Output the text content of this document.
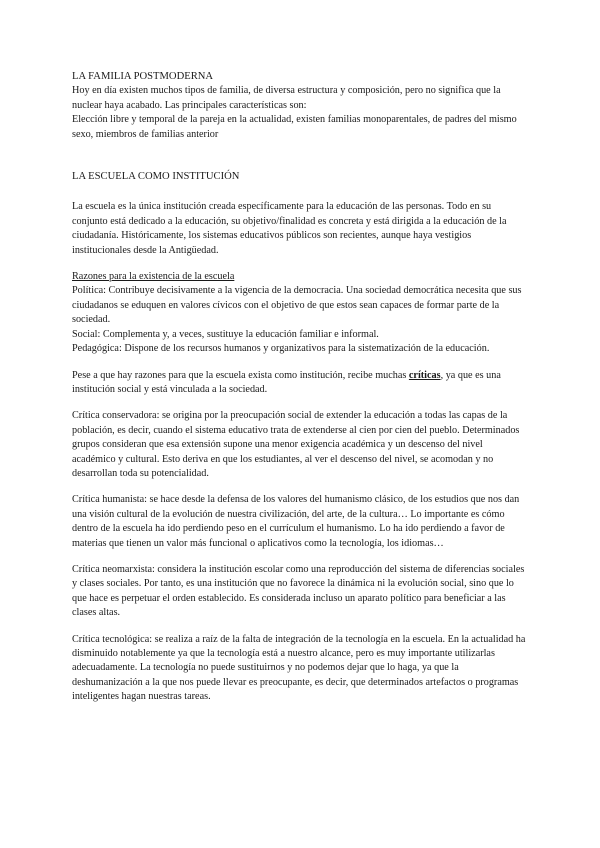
LA FAMILIA POSTMODERNA

Hoy en día existen muchos tipos de familia, de diversa estructura y composición, pero no significa que la nuclear haya acabado. Las principales características son:

Elección libre y temporal de la pareja en la actualidad, existen familias monoparentales, de padres del mismo sexo, miembros de familias anterior

LA ESCUELA COMO INSTITUCIÓN

La escuela es la única institución creada específicamente para la educación de las personas. Todo en su conjunto está dedicado a la educación, su objetivo/finalidad es concreta y está dirigida a la educación de la ciudadanía. Históricamente, los sistemas educativos públicos son recientes, aunque haya vestigios institucionales desde la Antigüedad.

Razones para la existencia de la escuela

Política: Contribuye decisivamente a la vigencia de la democracia. Una sociedad democrática necesita que sus ciudadanos se eduquen en valores cívicos con el objetivo de que estos sean capaces de formar parte de la sociedad.

Social: Complementa y, a veces, sustituye la educación familiar e informal.

Pedagógica: Dispone de los recursos humanos y organizativos para la sistematización de la educación.

Pese a que hay razones para que la escuela exista como institución, recibe muchas críticas, ya que es una institución social y está vinculada a la sociedad.

Crítica conservadora: se origina por la preocupación social de extender la educación a todas las capas de la población, es decir, cuando el sistema educativo trata de extenderse al cien por cien del pueblo. Determinados grupos consideran que esa extensión supone una menor exigencia académica y un descenso del nivel académico y cultural. Esto deriva en que los estudiantes, al ver el descenso del nivel, se acomodan y no desarrollan toda su potencialidad.

Crítica humanista: se hace desde la defensa de los valores del humanismo clásico, de los estudios que nos dan una visión cultural de la evolución de nuestra civilización, del arte, de la cultura… Lo importante es cómo dentro de la escuela ha ido perdiendo peso en el currículum el humanismo. Lo ha ido perdiendo a favor de materias que tienen un valor más funcional o aplicativos como la tecnología, los idiomas…

Crítica neomarxista: considera la institución escolar como una reproducción del sistema de diferencias sociales y clases sociales. Por tanto, es una institución que no favorece la dinámica ni la evolución social, sino que lo que hace es perpetuar el orden establecido. Es considerada incluso un aparato político para beneficiar a las clases altas.

Crítica tecnológica: se realiza a raíz de la falta de integración de la tecnología en la escuela. En la actualidad ha disminuido notablemente ya que la tecnología está a nuestro alcance, pero es muy importante utilizarlas adecuadamente. La tecnología no puede sustituirnos y no podemos dejar que lo haga, ya que la deshumanización a la que nos puede llevar es preocupante, es decir, que determinados artefactos o programas inteligentes hagan nuestras tareas.
